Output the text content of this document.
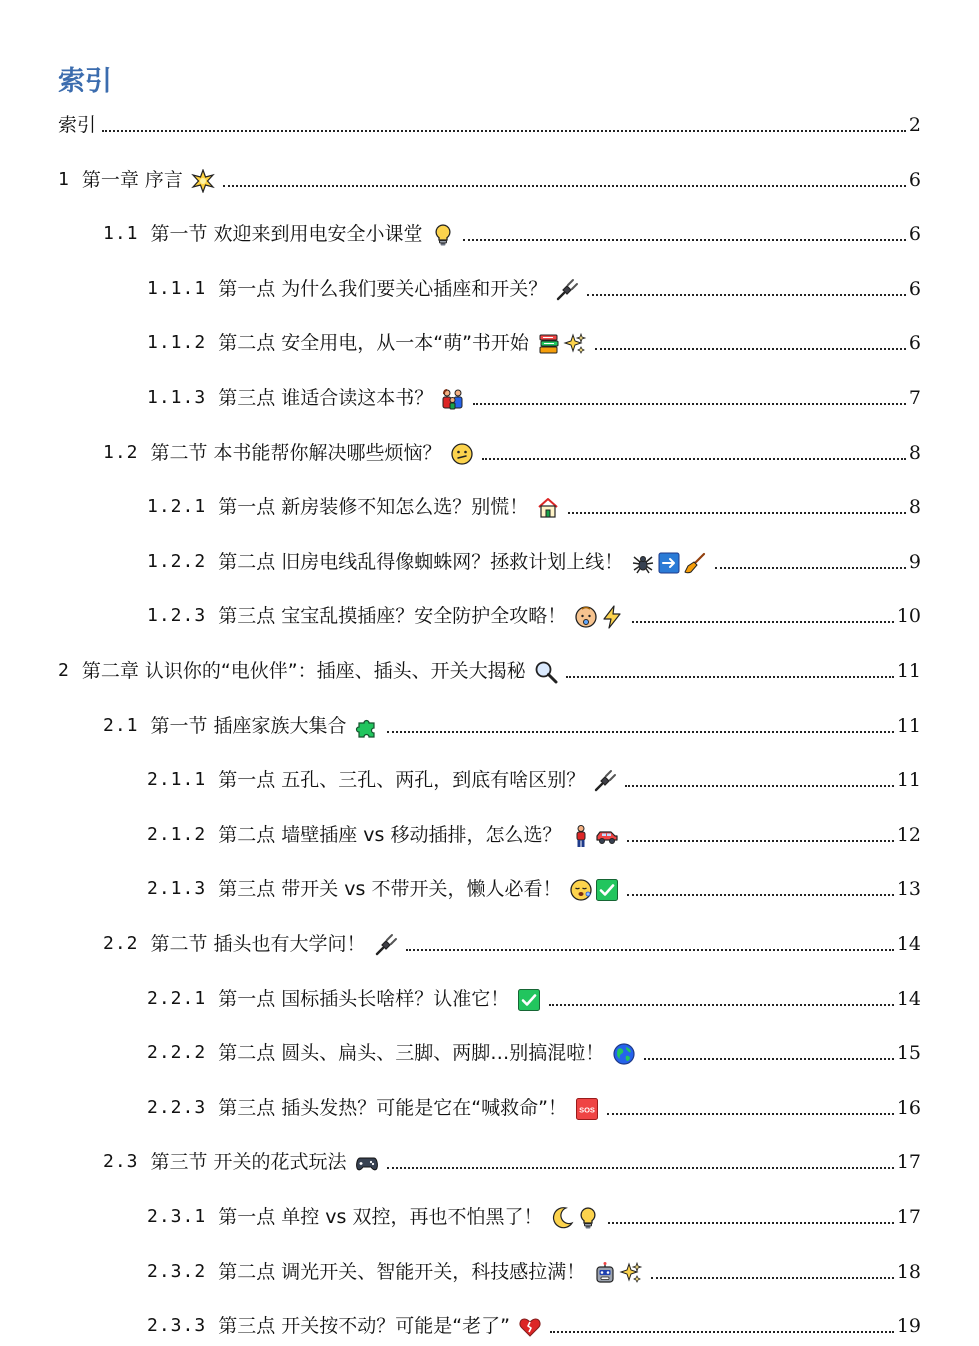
索引
索引	2
1 第一章 序言	6
1.1 第一节 欢迎来到用电安全小课堂	6
1.1.1 第一点 为什么我们要关心插座和开关？	6
1.1.2 第二点 安全用电，从一本“萌”书开始	6
1.1.3 第三点 谁适合读这本书？	7
1.2 第二节 本书能帮你解决哪些烦恼？	8
1.2.1 第一点 新房装修不知怎么选？别慌！	8
1.2.2 第二点 旧房电线乱得像蜘蛛网？拯救计划上线！	9
1.2.3 第三点 宝宝乱摸插座？安全防护全攻略！	10
2 第二章 认识你的“电伙伴”：插座、插头、开关大揭秘	11
2.1 第一节 插座家族大集合	11
2.1.1 第一点 五孔、三孔、两孔，到底有啥区别？	11
2.1.2 第二点 墙壁插座 vs 移动插排，怎么选？	12
2.1.3 第三点 带开关 vs 不带开关，懒人必看！	13
2.2 第二节 插头也有大学问！	14
2.2.1 第一点 国标插头长啥样？认准它！	14
2.2.2 第二点 圆头、扁头、三脚、两脚…别搞混啦！	15
2.2.3 第三点 插头发热？可能是它在“喊救命”！ SOS	16
2.3 第三节 开关的花式玩法	17
2.3.1 第一点 单控 vs 双控，再也不怕黑了！	17
2.3.2 第二点 调光开关、智能开关，科技感拉满！	18
2.3.3 第三点 开关按不动？可能是“老了”	19
